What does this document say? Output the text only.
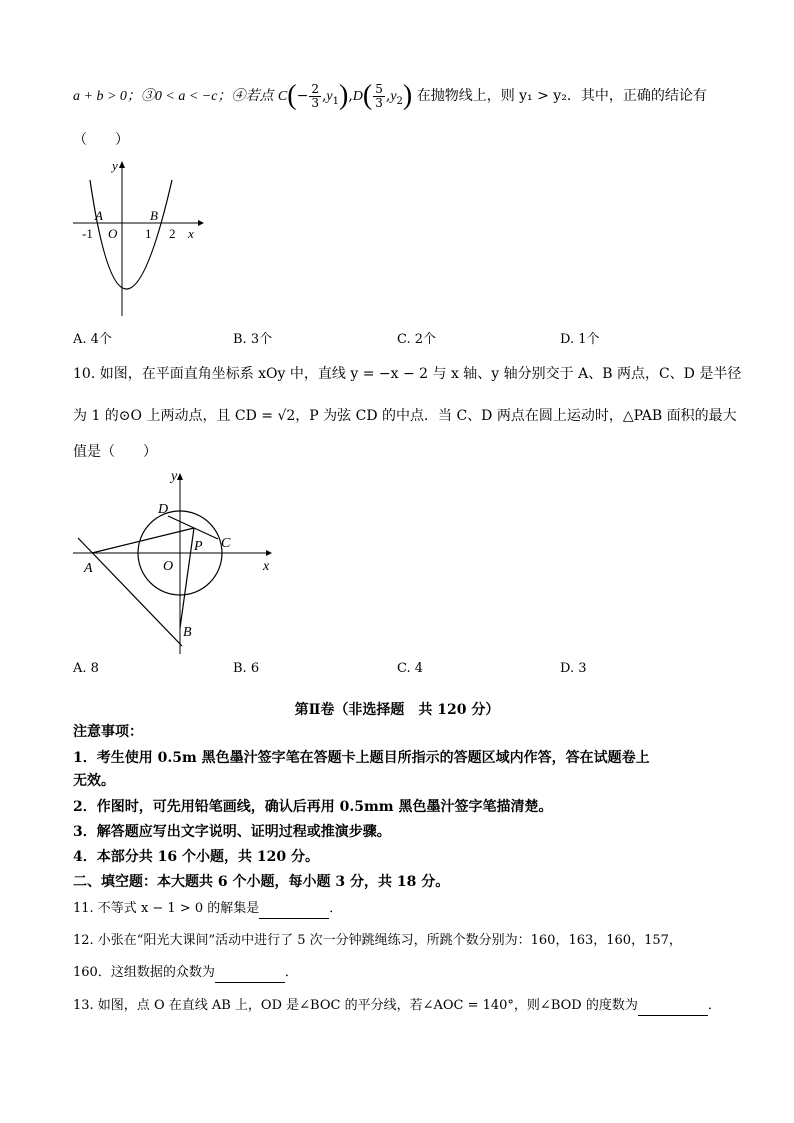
a + b > 0；③0 < a < −c；④若点 $C(- \frac{2}{3} ,y_1),D( \frac{5}{3} ,y_2)$ 在抛物线上，则 y₁ > y₂．其中，正确的结论有
（　　）
y
x
A	B
-1 O 1 2
A. 4个	B. 3个	C. 2个	D. 1个
10. 如图，在平面直角坐标系 xOy 中，直线 y = −x − 2 与 x 轴、y 轴分别交于 A、B 两点，C、D 是半径
为 1 的⊙O 上两动点，且 CD = √2，P 为弦 CD 的中点．当 C、D 两点在圆上运动时，△PAB 面积的最大
值是（　　）
y
x
D
P C
A	O
B
A. 8	B. 6	C. 4	D. 3
第Ⅱ卷（非选择题　共 120 分）
注意事项：
1．考生使用 0.5m 黑色墨汁签字笔在答题卡上题目所指示的答题区域内作答，答在试题卷上
无效。
2．作图时，可先用铅笔画线，确认后再用 0.5mm 黑色墨汁签字笔描清楚。
3．解答题应写出文字说明、证明过程或推演步骤。
4．本部分共 16 个小题，共 120 分。
二、填空题：本大题共 6 个小题，每小题 3 分，共 18 分。
11. 不等式 x − 1 > 0 的解集是	．
12. 小张在“阳光大课间”活动中进行了 5 次一分钟跳绳练习，所跳个数分别为：160，163，160，157，
160．这组数据的众数为	．
13. 如图，点 O 在直线 AB 上，OD 是∠BOC 的平分线，若∠AOC = 140°，则∠BOD 的度数为	．
